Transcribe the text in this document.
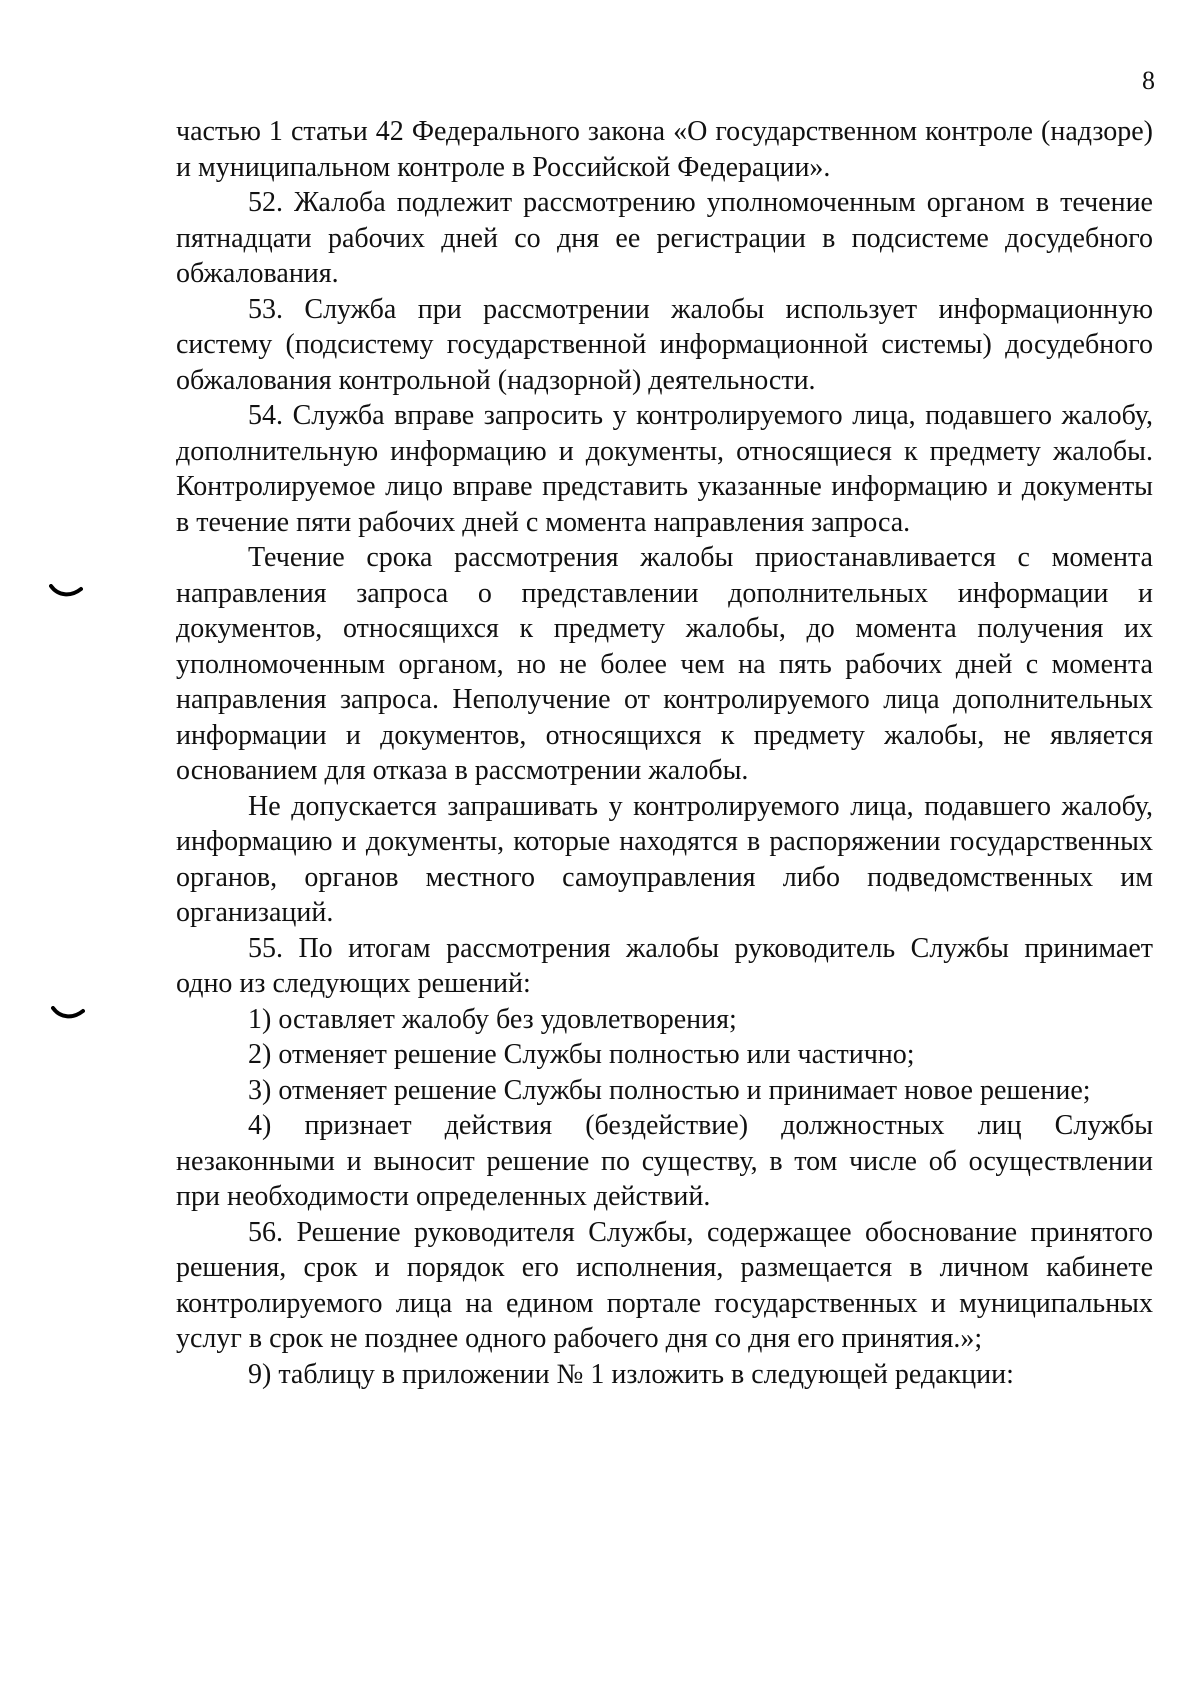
8

частью 1 статьи 42 Федерального закона «О государственном контроле (надзоре) и муниципальном контроле в Российской Федерации».

52. Жалоба подлежит рассмотрению уполномоченным органом в течение пятнадцати рабочих дней со дня ее регистрации в подсистеме досудебного обжалования.

53. Служба при рассмотрении жалобы использует информационную систему (подсистему государственной информационной системы) досудебного обжалования контрольной (надзорной) деятельности.

54. Служба вправе запросить у контролируемого лица, подавшего жалобу, дополнительную информацию и документы, относящиеся к предмету жалобы. Контролируемое лицо вправе представить указанные информацию и документы в течение пяти рабочих дней с момента направления запроса.

Течение срока рассмотрения жалобы приостанавливается с момента направления запроса о представлении дополнительных информации и документов, относящихся к предмету жалобы, до момента получения их уполномоченным органом, но не более чем на пять рабочих дней с момента направления запроса. Неполучение от контролируемого лица дополнительных информации и документов, относящихся к предмету жалобы, не является основанием для отказа в рассмотрении жалобы.

Не допускается запрашивать у контролируемого лица, подавшего жалобу, информацию и документы, которые находятся в распоряжении государственных органов, органов местного самоуправления либо подведомственных им организаций.

55. По итогам рассмотрения жалобы руководитель Службы принимает одно из следующих решений:

1) оставляет жалобу без удовлетворения;

2) отменяет решение Службы полностью или частично;

3) отменяет решение Службы полностью и принимает новое решение;

4) признает действия (бездействие) должностных лиц Службы незаконными и выносит решение по существу, в том числе об осуществлении при необходимости определенных действий.

56. Решение руководителя Службы, содержащее обоснование принятого решения, срок и порядок его исполнения, размещается в личном кабинете контролируемого лица на едином портале государственных и муниципальных услуг в срок не позднее одного рабочего дня со дня его принятия.»;

9) таблицу в приложении № 1 изложить в следующей редакции:
